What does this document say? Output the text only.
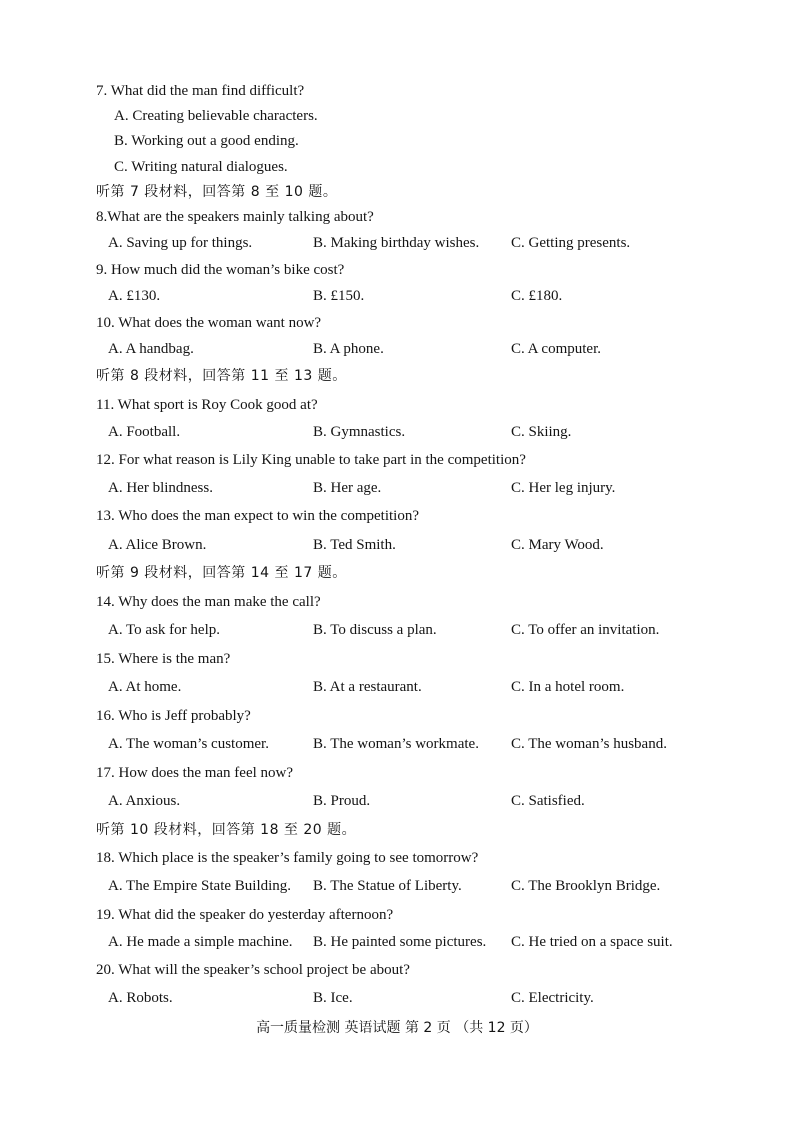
7. What did the man find difficult?
A. Creating believable characters.
B. Working out a good ending.
C. Writing natural dialogues.
听第 7 段材料，回答第 8 至 10 题。
8.What are the speakers mainly talking about?
A. Saving up for things.	B. Making birthday wishes. C. Getting presents.
9. How much did the woman’s bike cost?
A. £130.	B. £150.	C. £180.
10. What does the woman want now?
A. A handbag.	B. A phone.	C. A computer.
听第 8 段材料，回答第 11 至 13 题。
11. What sport is Roy Cook good at?
A. Football.	B. Gymnastics.	C. Skiing.
12. For what reason is Lily King unable to take part in the competition?
A. Her blindness.	B. Her age.	C. Her leg injury.
13. Who does the man expect to win the competition?
A. Alice Brown.	B. Ted Smith.	C. Mary Wood.
听第 9 段材料，回答第 14 至 17 题。
14. Why does the man make the call?
A. To ask for help.	B. To discuss a plan.	C. To offer an invitation.
15. Where is the man?
A. At home.	B. At a restaurant.	C. In a hotel room.
16. Who is Jeff probably?
A. The woman’s customer.	B. The woman’s workmate. C. The woman’s husband.
17. How does the man feel now?
A. Anxious.	B. Proud.	C. Satisfied.
听第 10 段材料，回答第 18 至 20 题。
18. Which place is the speaker’s family going to see tomorrow?
A. The Empire State Building. B. The Statue of Liberty.	C. The Brooklyn Bridge.
19. What did the speaker do yesterday afternoon?
A. He made a simple machine. B. He painted some pictures. C. He tried on a space suit.
20. What will the speaker’s school project be about?
A. Robots.	B. Ice.	C. Electricity.
高一质量检测 英语试题 第 2 页 （共 12 页）
